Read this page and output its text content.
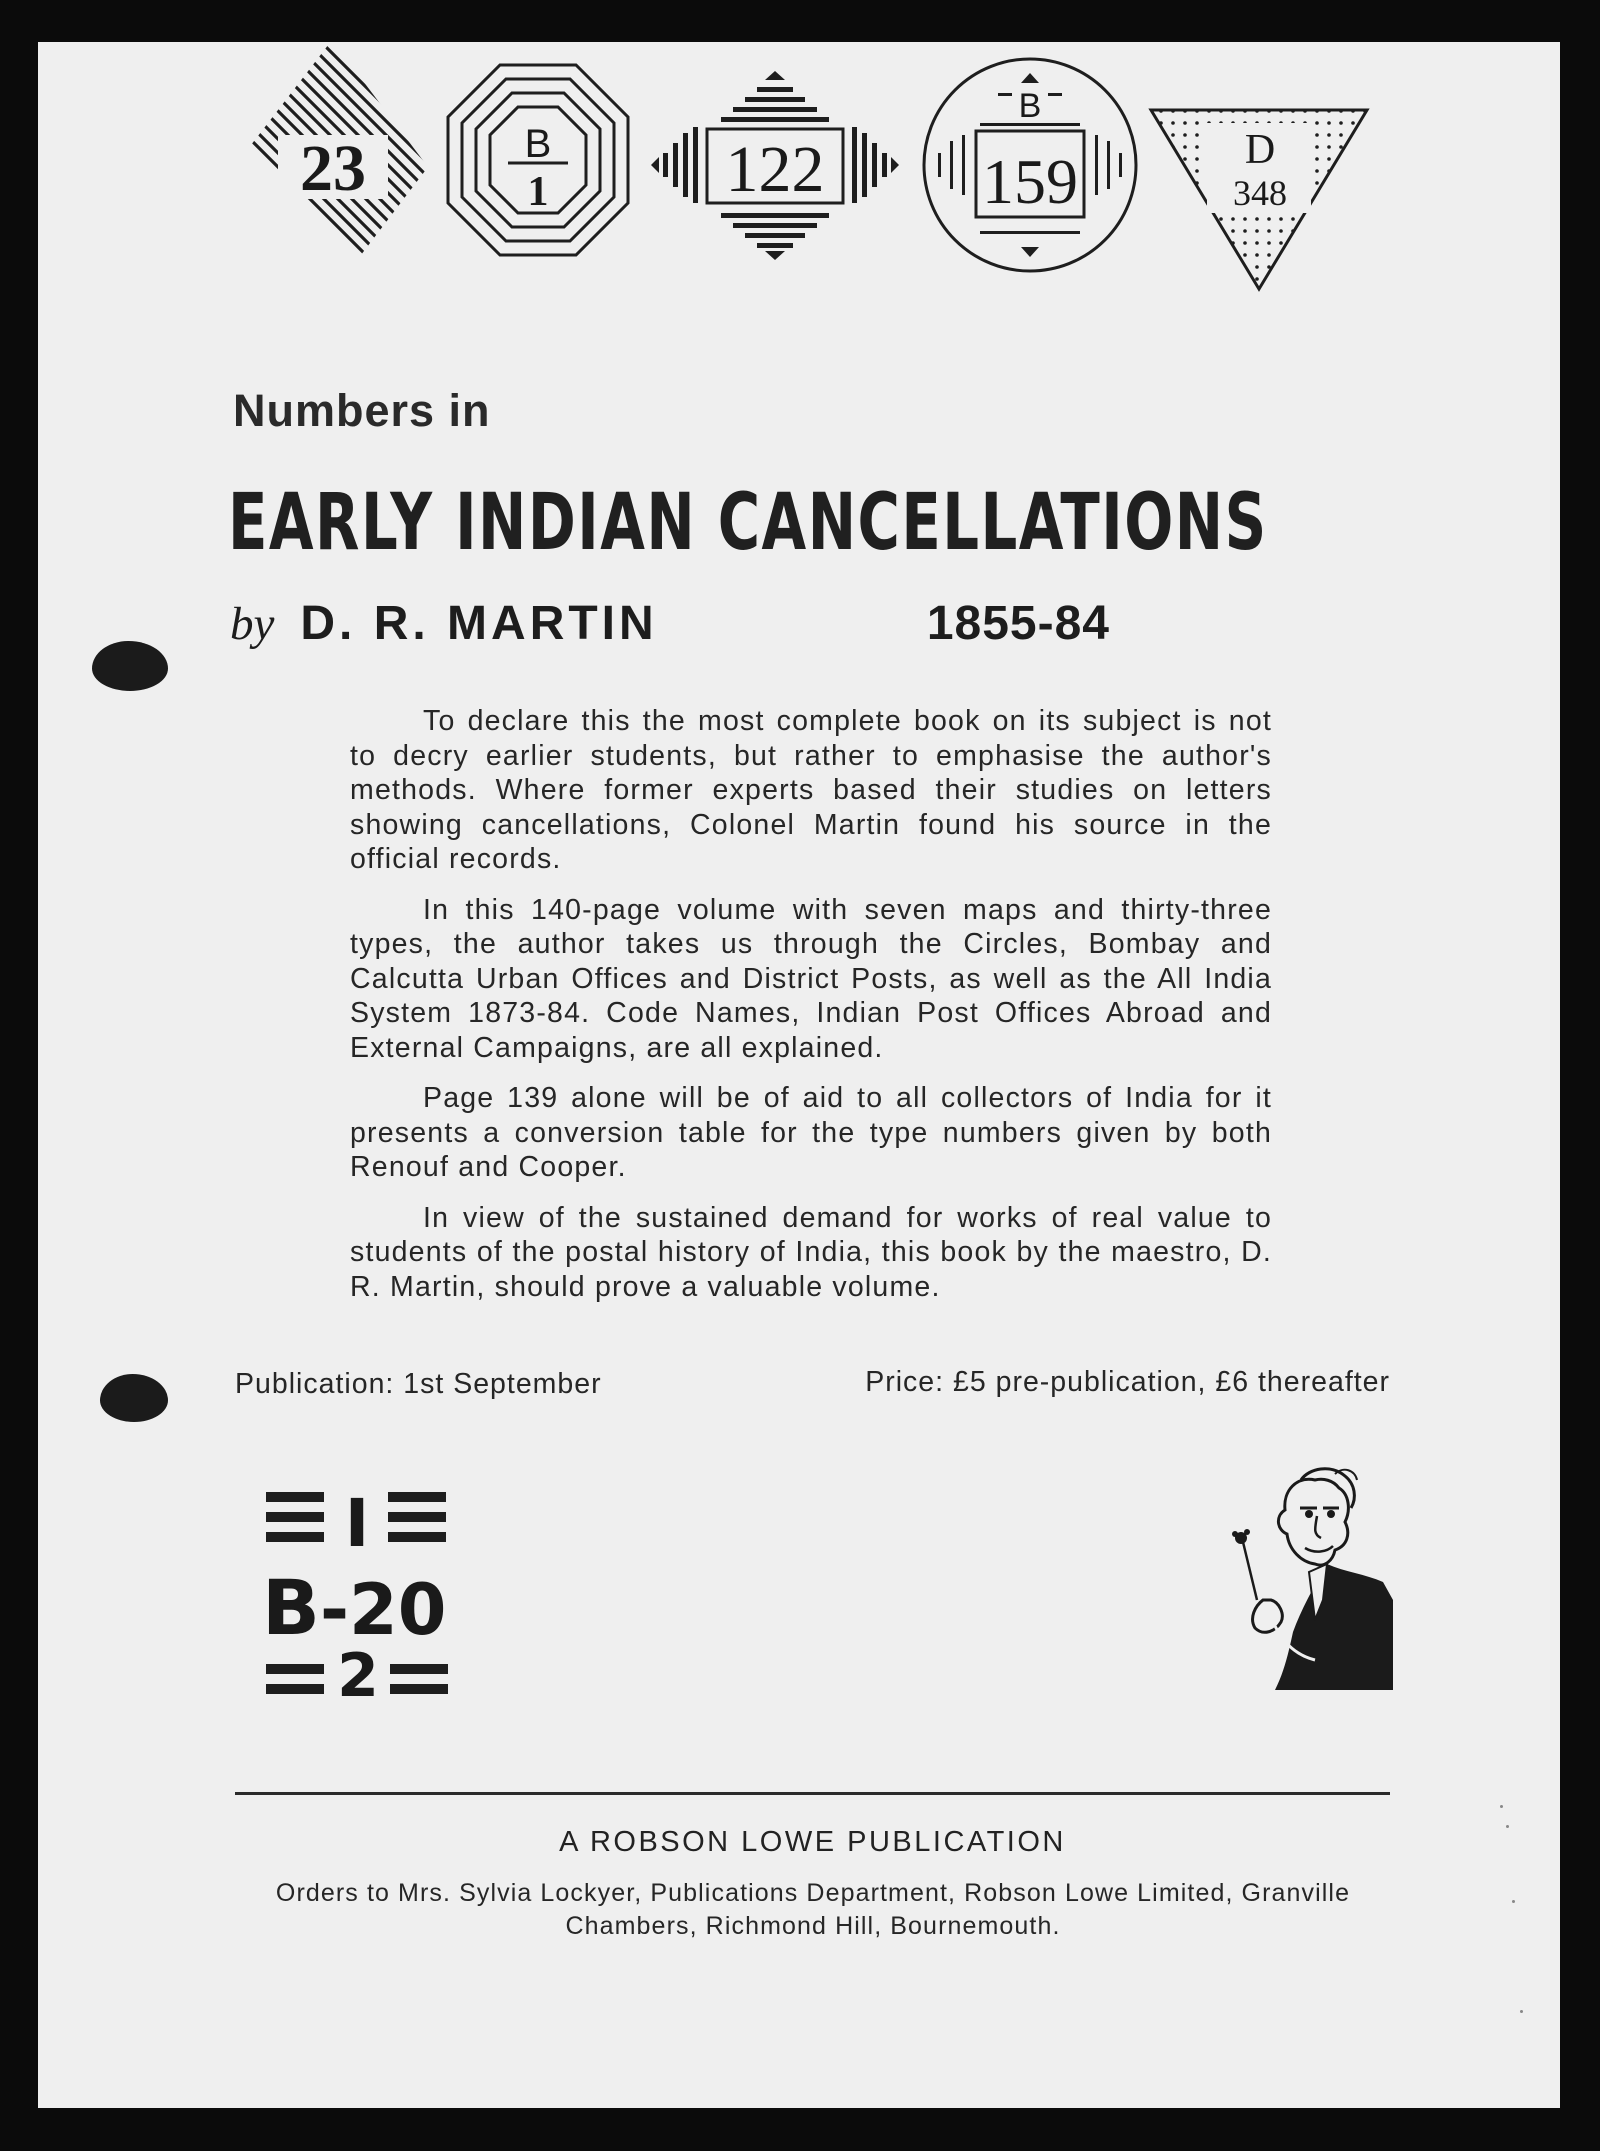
23	B
1	122
B
159	D
348
Numbers in
EARLY INDIAN CANCELLATIONS
by D. R. MARTIN	1855-84

To declare this the most complete book on its subject is not to decry earlier students, but rather to emphasise the author's methods. Where former experts based their studies on letters showing cancellations, Colonel Martin found his source in the official records.

In this 140-page volume with seven maps and thirty-three types, the author takes us through the Circles, Bombay and Calcutta Urban Offices and District Posts, as well as the All India System 1873-84. Code Names, Indian Post Offices Abroad and External Campaigns, are all explained.

Page 139 alone will be of aid to all collectors of India for it presents a conversion table for the type numbers given by both Renouf and Cooper.

In view of the sustained demand for works of real value to students of the postal history of India, this book by the maestro, D. R. Martin, should prove a valuable volume.

Publication: 1st September	Price: £5 pre-publication, £6 thereafter
I
B -20
2
A ROBSON LOWE PUBLICATION
Orders to Mrs. Sylvia Lockyer, Publications Department, Robson Lowe Limited, Granville Chambers, Richmond Hill, Bournemouth.
